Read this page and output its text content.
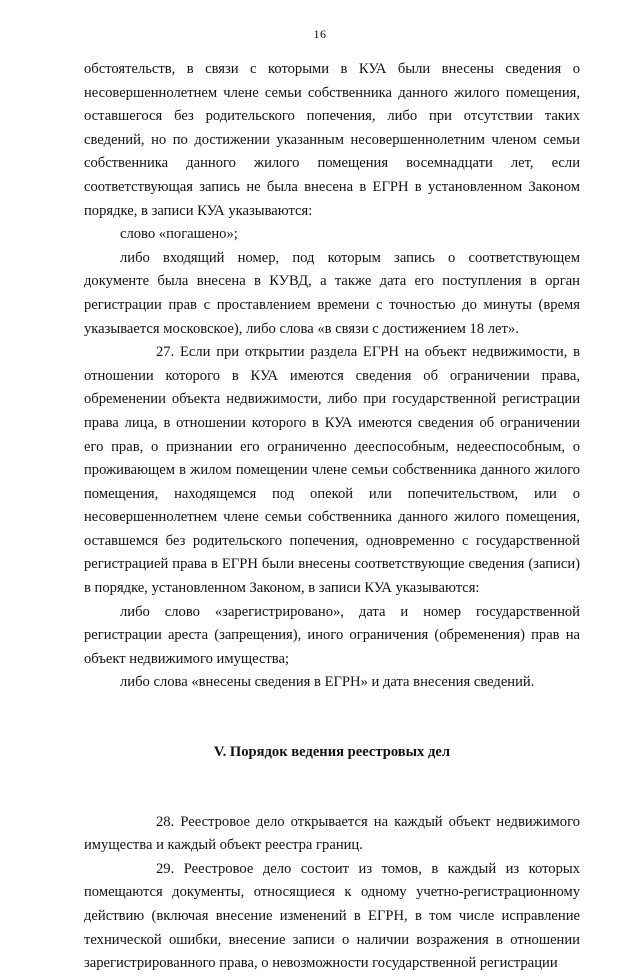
16

обстоятельств, в связи с которыми в КУА были внесены сведения о несовершеннолетнем члене семьи собственника данного жилого помещения, оставшегося без родительского попечения, либо при отсутствии таких сведений, но по достижении указанным несовершеннолетним членом семьи собственника данного жилого помещения восемнадцати лет, если соответствующая запись не была внесена в ЕГРН в установленном Законом порядке, в записи КУА указываются:

слово «погашено»;

либо входящий номер, под которым запись о соответствующем документе была внесена в КУВД, а также дата его поступления в орган регистрации прав с проставлением времени с точностью до минуты (время указывается московское), либо слова «в связи с достижением 18 лет».

27. Если при открытии раздела ЕГРН на объект недвижимости, в отношении которого в КУА имеются сведения об ограничении права, обременении объекта недвижимости, либо при государственной регистрации права лица, в отношении которого в КУА имеются сведения об ограничении его прав, о признании его ограниченно дееспособным, недееспособным, о проживающем в жилом помещении члене семьи собственника данного жилого помещения, находящемся под опекой или попечительством, или о несовершеннолетнем члене семьи собственника данного жилого помещения, оставшемся без родительского попечения, одновременно с государственной регистрацией права в ЕГРН были внесены соответствующие сведения (записи) в порядке, установленном Законом, в записи КУА указываются:

либо слово «зарегистрировано», дата и номер государственной регистрации ареста (запрещения), иного ограничения (обременения) прав на объект недвижимого имущества;

либо слова «внесены сведения в ЕГРН» и дата внесения сведений.

V. Порядок ведения реестровых дел

28. Реестровое дело открывается на каждый объект недвижимого имущества и каждый объект реестра границ.

29. Реестровое дело состоит из томов, в каждый из которых помещаются документы, относящиеся к одному учетно-регистрационному действию (включая внесение изменений в ЕГРН, в том числе исправление технической ошибки, внесение записи о наличии возражения в отношении зарегистрированного права, о невозможности государственной регистрации
